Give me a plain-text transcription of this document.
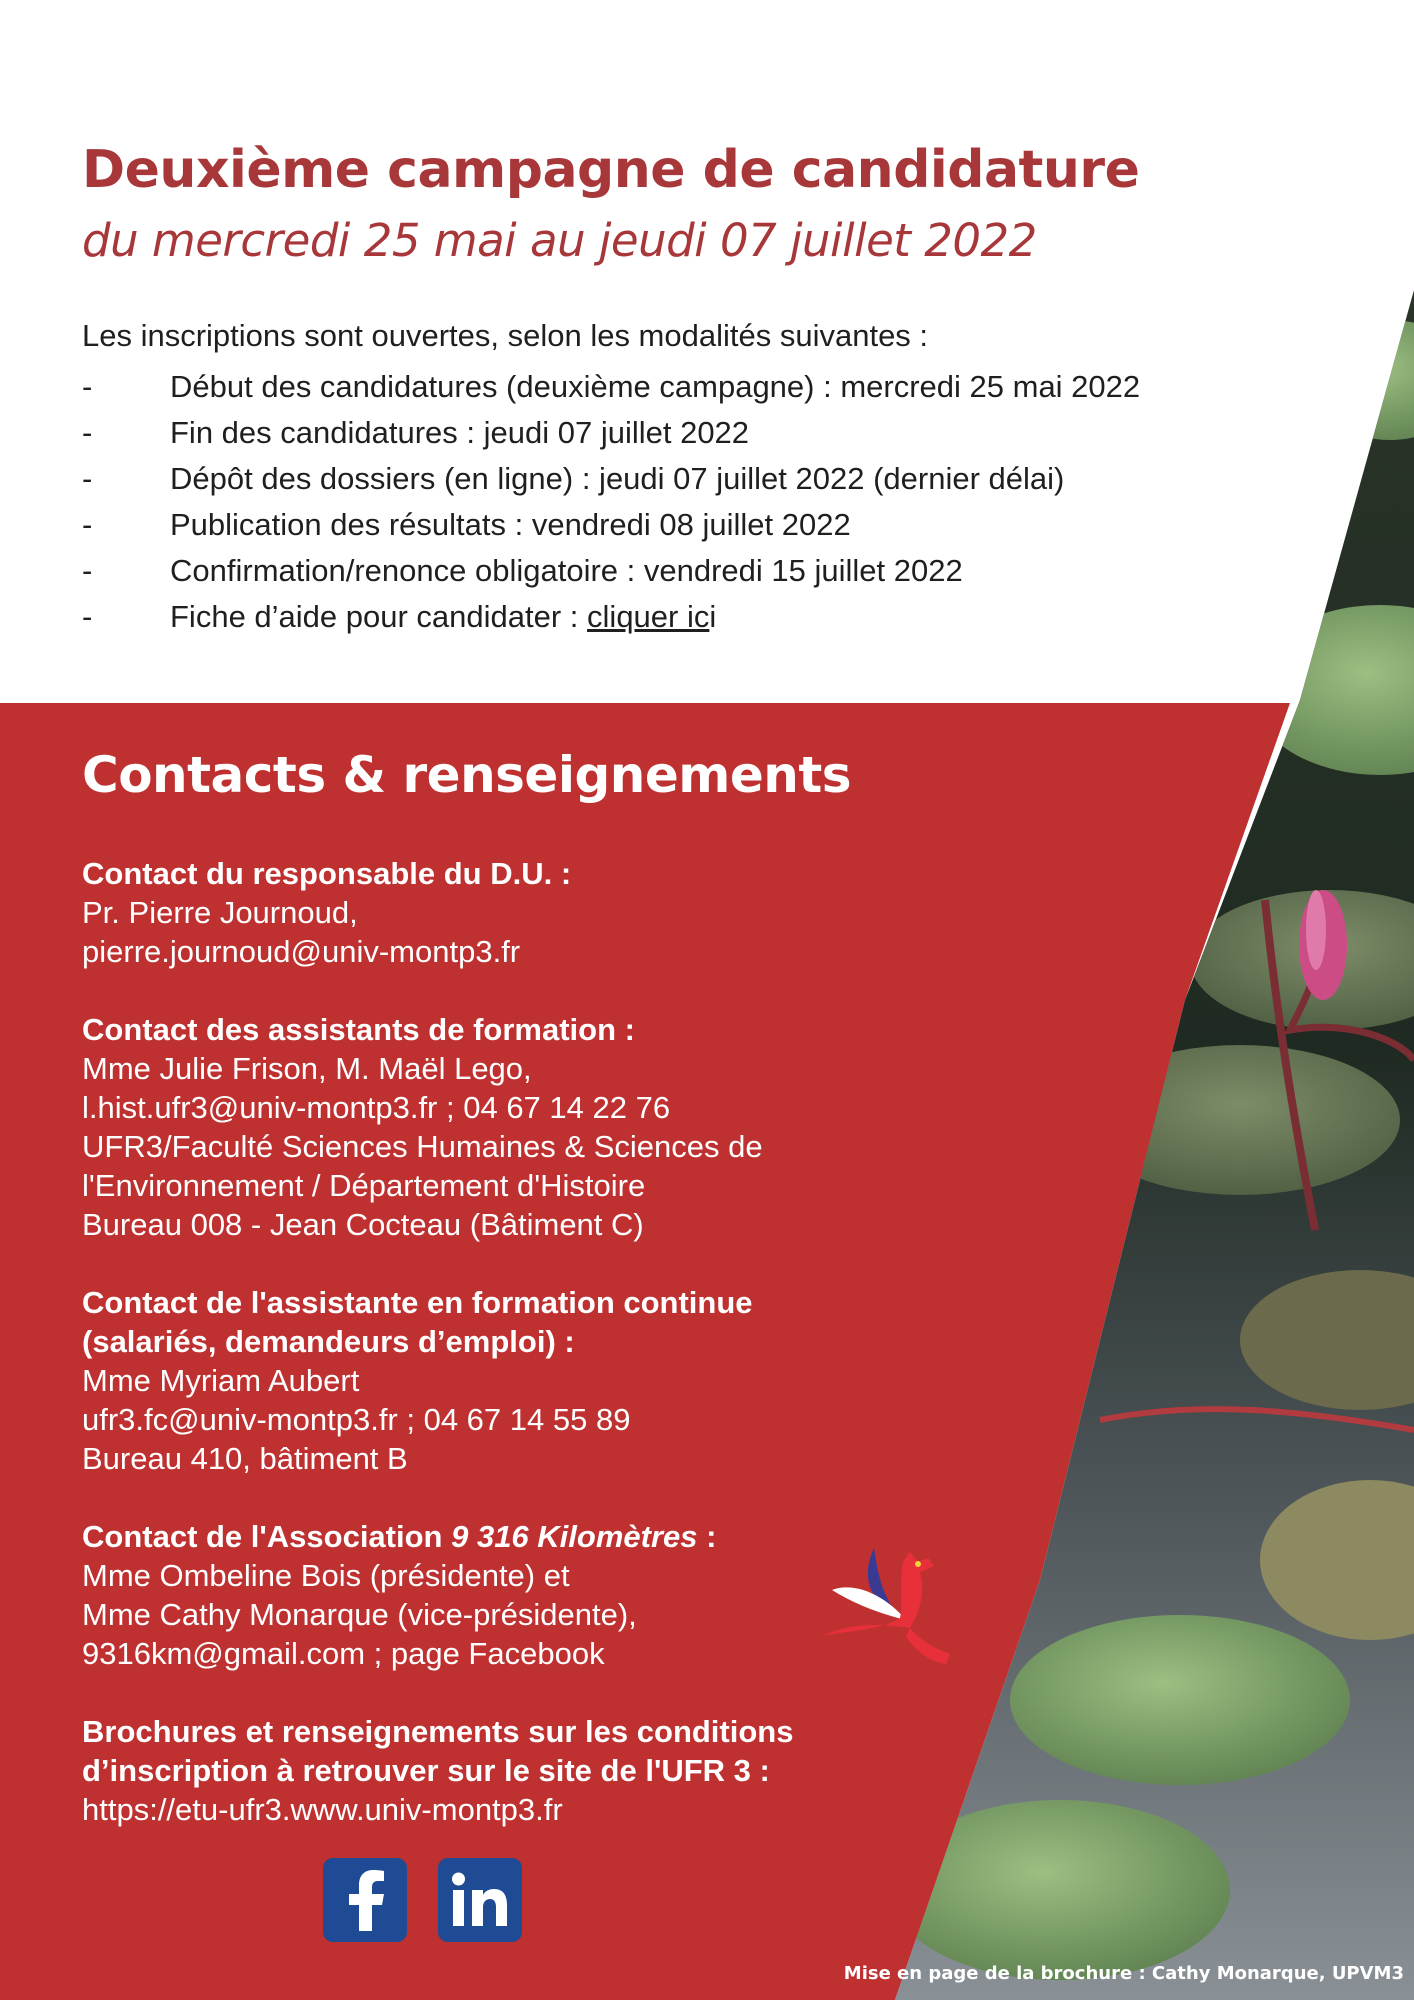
Deuxième campagne de candidature
du mercredi 25 mai au jeudi 07 juillet 2022
Les inscriptions sont ouvertes, selon les modalités suivantes :
-	Début des candidatures (deuxième campagne) : mercredi 25 mai 2022
-	Fin des candidatures : jeudi 07 juillet 2022
-	Dépôt des dossiers (en ligne) : jeudi 07 juillet 2022 (dernier délai)
-	Publication des résultats : vendredi 08 juillet 2022
-	Confirmation/renonce obligatoire : vendredi 15 juillet 2022
-	Fiche d’aide pour candidater : cliquer ici
Contacts & renseignements
Contact du responsable du D.U. :
Pr. Pierre Journoud,
pierre.journoud@univ-montp3.fr
Contact des assistants de formation :
Mme Julie Frison, M. Maël Lego,
l.hist.ufr3@univ-montp3.fr ; 04 67 14 22 76
UFR3/Faculté Sciences Humaines & Sciences de
l'Environnement / Département d'Histoire
Bureau 008 - Jean Cocteau (Bâtiment C)
Contact de l'assistante en formation continue
(salariés, demandeurs d’emploi) :
Mme Myriam Aubert
ufr3.fc@univ-montp3.fr ; 04 67 14 55 89
Bureau 410, bâtiment B
Contact de l'Association 9 316 Kilomètres :
Mme Ombeline Bois (présidente) et
Mme Cathy Monarque (vice-présidente),
9316km@gmail.com ; page Facebook
Brochures et renseignements sur les conditions
d’inscription à retrouver sur le site de l'UFR 3 :
https://etu-ufr3.www.univ-montp3.fr
Mise en page de la brochure : Cathy Monarque, UPVM3
